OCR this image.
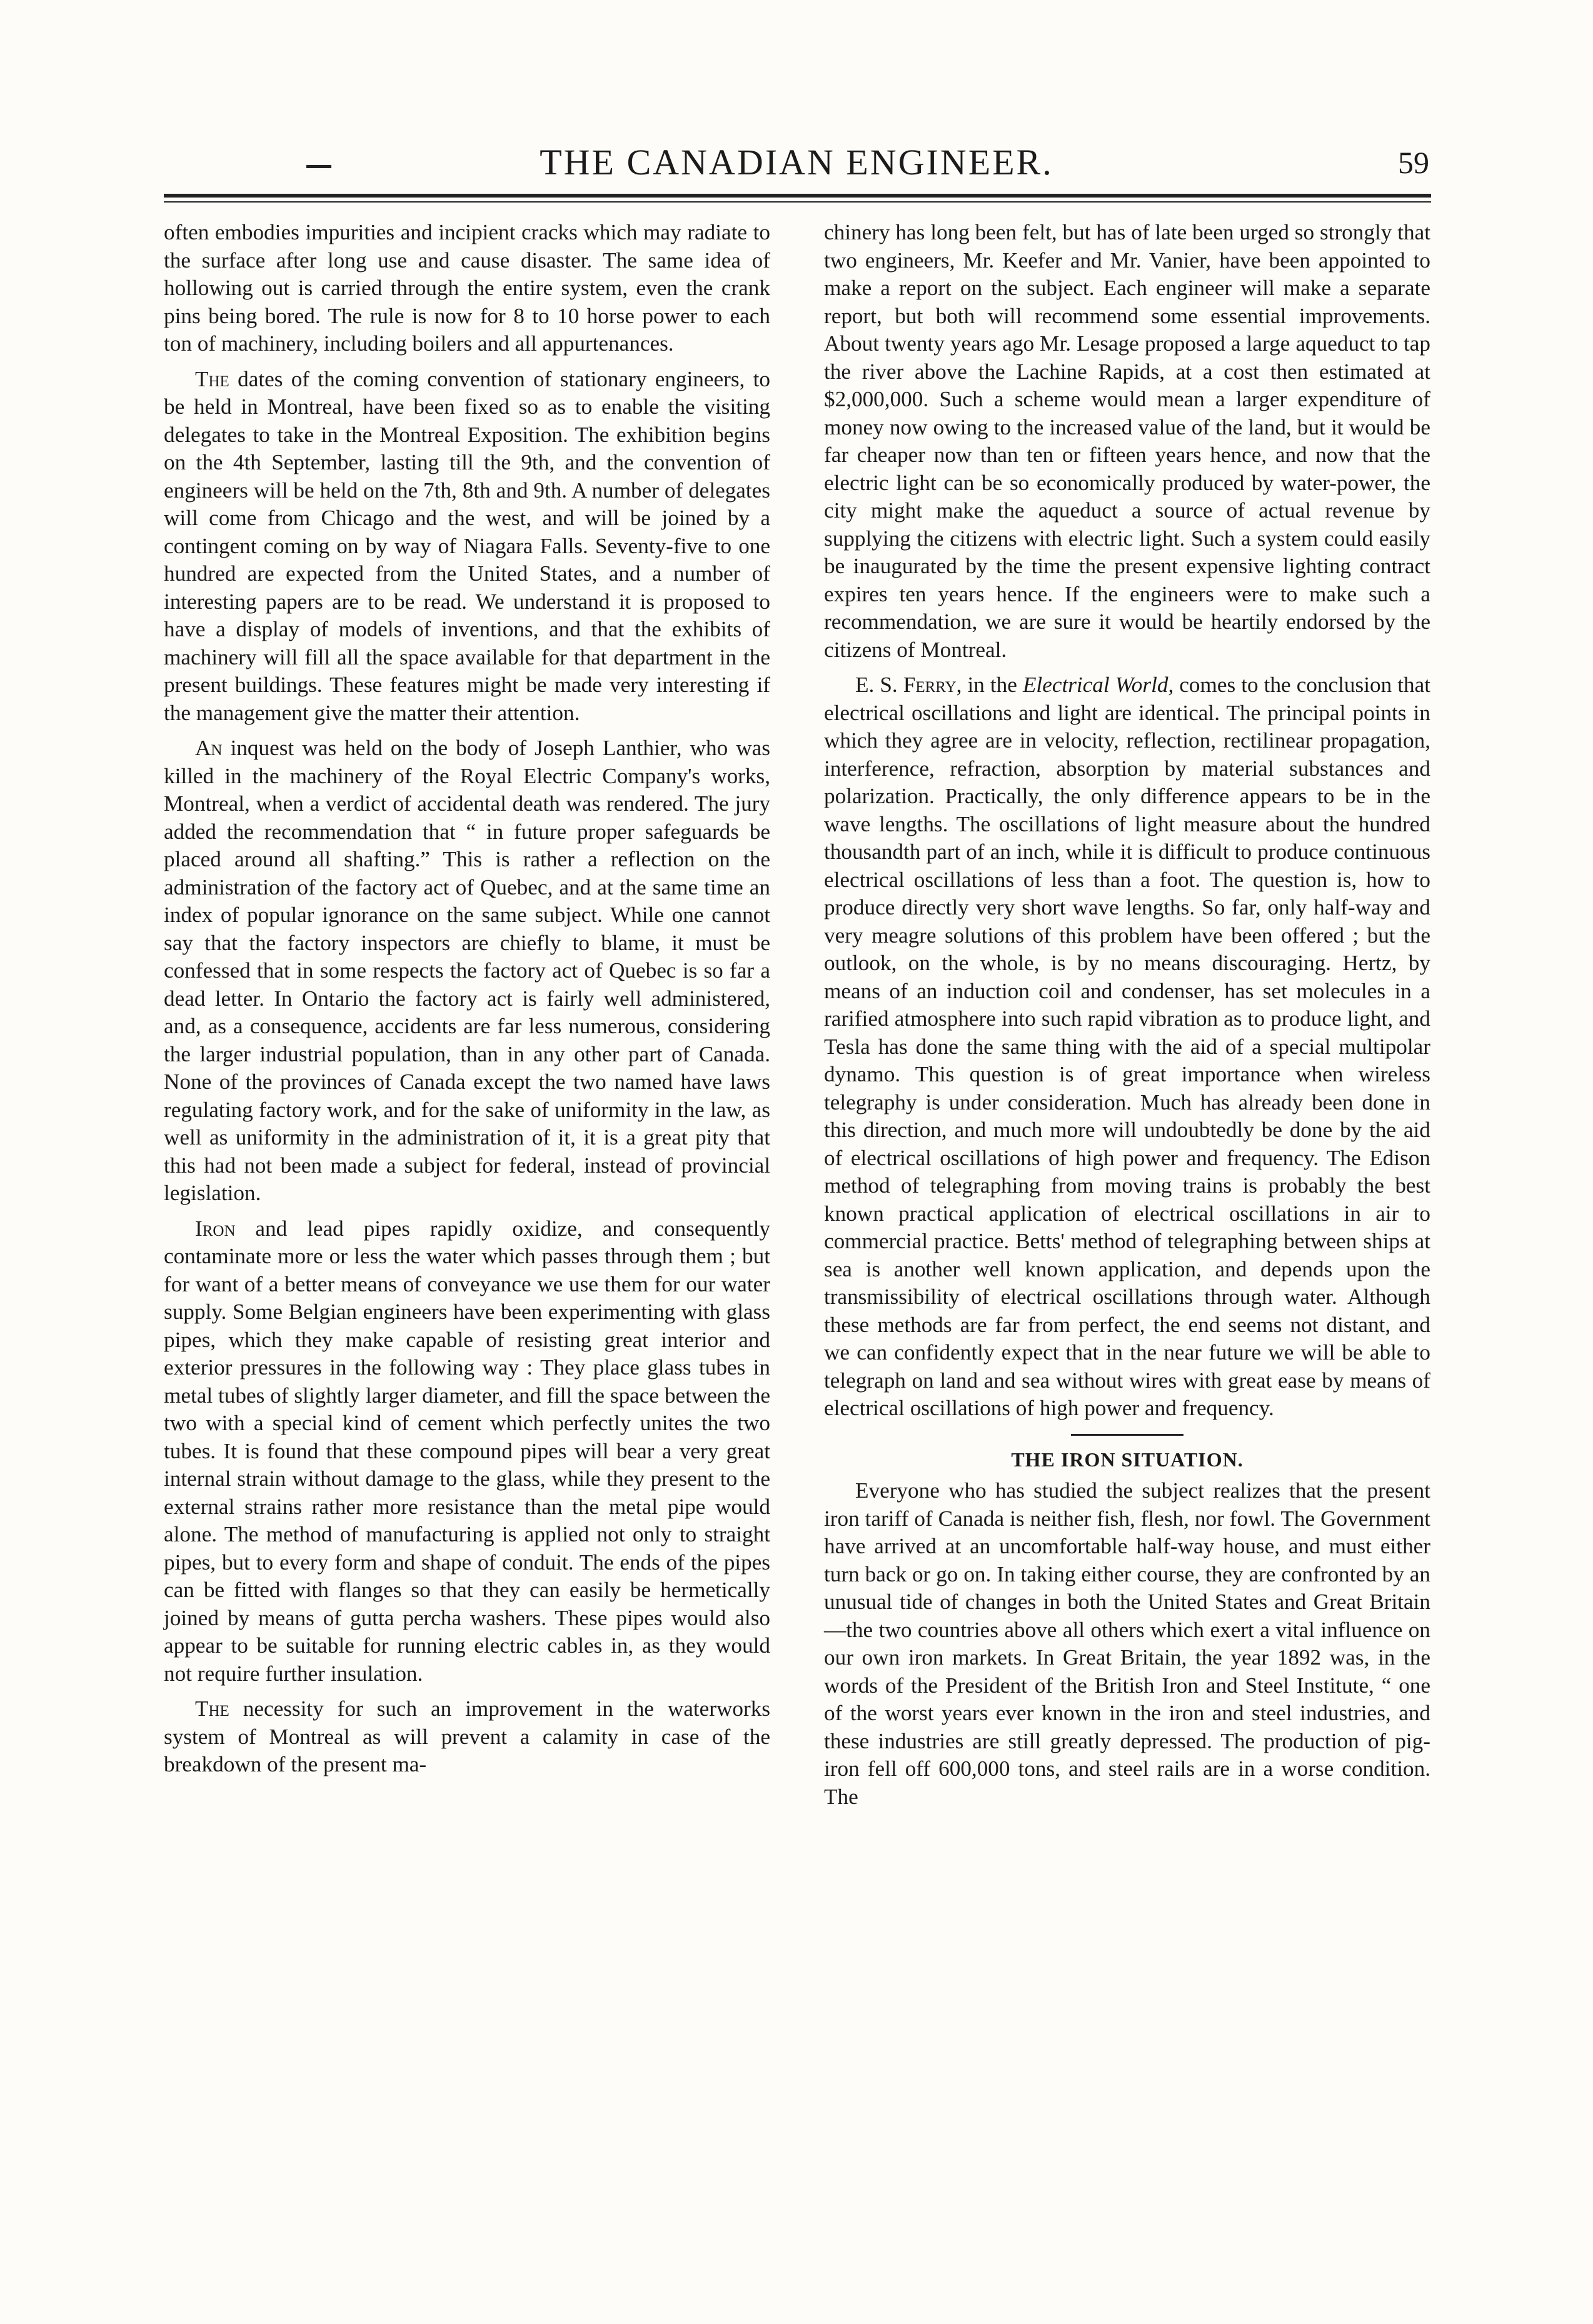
THE CANADIAN ENGINEER.	59

often embodies impurities and incipient cracks which may radiate to the surface after long use and cause disaster. The same idea of hollowing out is carried through the entire system, even the crank pins being bored. The rule is now for 8 to 10 horse power to each ton of machinery, including boilers and all appurtenances.

The dates of the coming convention of stationary engineers, to be held in Montreal, have been fixed so as to enable the visiting delegates to take in the Montreal Exposition. The exhibition begins on the 4th September, lasting till the 9th, and the convention of engineers will be held on the 7th, 8th and 9th. A number of delegates will come from Chicago and the west, and will be joined by a contingent coming on by way of Niagara Falls. Seventy-five to one hundred are expected from the United States, and a number of interesting papers are to be read. We understand it is proposed to have a display of models of inventions, and that the exhibits of machinery will fill all the space available for that department in the present buildings. These features might be made very interesting if the management give the matter their attention.

An inquest was held on the body of Joseph Lanthier, who was killed in the machinery of the Royal Electric Company's works, Montreal, when a verdict of accidental death was rendered. The jury added the recommendation that “ in future proper safeguards be placed around all shafting.” This is rather a reflection on the administration of the factory act of Quebec, and at the same time an index of popular ignorance on the same subject. While one cannot say that the factory inspectors are chiefly to blame, it must be confessed that in some respects the factory act of Quebec is so far a dead letter. In Ontario the factory act is fairly well administered, and, as a consequence, accidents are far less numerous, considering the larger industrial population, than in any other part of Canada. None of the provinces of Canada except the two named have laws regulating factory work, and for the sake of uniformity in the law, as well as uniformity in the administration of it, it is a great pity that this had not been made a subject for federal, instead of provincial legislation.

Iron and lead pipes rapidly oxidize, and consequently contaminate more or less the water which passes through them ; but for want of a better means of conveyance we use them for our water supply. Some Belgian engineers have been experimenting with glass pipes, which they make capable of resisting great interior and exterior pressures in the following way : They place glass tubes in metal tubes of slightly larger diameter, and fill the space between the two with a special kind of cement which perfectly unites the two tubes. It is found that these compound pipes will bear a very great internal strain without damage to the glass, while they present to the external strains rather more resistance than the metal pipe would alone. The method of manufacturing is applied not only to straight pipes, but to every form and shape of conduit. The ends of the pipes can be fitted with flanges so that they can easily be hermetically joined by means of gutta percha washers. These pipes would also appear to be suitable for running electric cables in, as they would not require further insulation.

The necessity for such an improvement in the waterworks system of Montreal as will prevent a calamity in case of the breakdown of the present ma-

chinery has long been felt, but has of late been urged so strongly that two engineers, Mr. Keefer and Mr. Vanier, have been appointed to make a report on the subject. Each engineer will make a separate report, but both will recommend some essential improvements. About twenty years ago Mr. Lesage proposed a large aqueduct to tap the river above the Lachine Rapids, at a cost then estimated at $2,000,000. Such a scheme would mean a larger expenditure of money now owing to the increased value of the land, but it would be far cheaper now than ten or fifteen years hence, and now that the electric light can be so economically produced by water-power, the city might make the aqueduct a source of actual revenue by supplying the citizens with electric light. Such a system could easily be inaugurated by the time the present expensive lighting contract expires ten years hence. If the engineers were to make such a recommendation, we are sure it would be heartily endorsed by the citizens of Montreal.

E. S. Ferry, in the Electrical World, comes to the conclusion that electrical oscillations and light are identical. The principal points in which they agree are in velocity, reflection, rectilinear propagation, interference, refraction, absorption by material substances and polarization. Practically, the only difference appears to be in the wave lengths. The oscillations of light measure about the hundred thousandth part of an inch, while it is difficult to produce continuous electrical oscillations of less than a foot. The question is, how to produce directly very short wave lengths. So far, only half-way and very meagre solutions of this problem have been offered ; but the outlook, on the whole, is by no means discouraging. Hertz, by means of an induction coil and condenser, has set molecules in a rarified atmosphere into such rapid vibration as to produce light, and Tesla has done the same thing with the aid of a special multipolar dynamo. This question is of great importance when wireless telegraphy is under consideration. Much has already been done in this direction, and much more will undoubtedly be done by the aid of electrical oscillations of high power and frequency. The Edison method of telegraphing from moving trains is probably the best known practical application of electrical oscillations in air to commercial practice. Betts' method of telegraphing between ships at sea is another well known application, and depends upon the transmissibility of electrical oscillations through water. Although these methods are far from perfect, the end seems not distant, and we can confidently expect that in the near future we will be able to telegraph on land and sea without wires with great ease by means of electrical oscillations of high power and frequency.

THE IRON SITUATION.

Everyone who has studied the subject realizes that the present iron tariff of Canada is neither fish, flesh, nor fowl. The Government have arrived at an uncomfortable half-way house, and must either turn back or go on. In taking either course, they are confronted by an unusual tide of changes in both the United States and Great Britain—the two countries above all others which exert a vital influence on our own iron markets. In Great Britain, the year 1892 was, in the words of the President of the British Iron and Steel Institute, “ one of the worst years ever known in the iron and steel industries, and these industries are still greatly depressed. The production of pig-iron fell off 600,000 tons, and steel rails are in a worse condition. The
